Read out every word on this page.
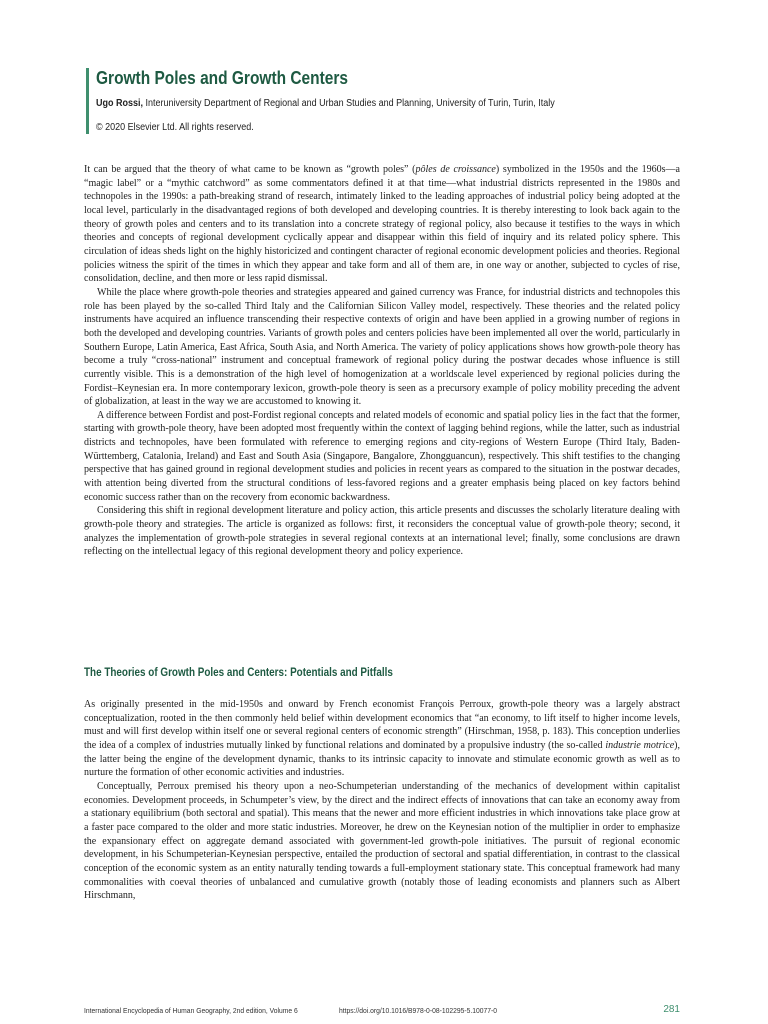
Growth Poles and Growth Centers
Ugo Rossi, Interuniversity Department of Regional and Urban Studies and Planning, University of Turin, Turin, Italy
© 2020 Elsevier Ltd. All rights reserved.

It can be argued that the theory of what came to be known as “growth poles” (pôles de croissance) symbolized in the 1950s and the 1960s—a “magic label” or a “mythic catchword” as some commentators defined it at that time—what industrial districts represented in the 1980s and technopoles in the 1990s: a path-breaking strand of research, intimately linked to the leading approaches of industrial policy being adopted at the local level, particularly in the disadvantaged regions of both developed and developing countries. It is thereby interesting to look back again to the theory of growth poles and centers and to its translation into a concrete strategy of regional policy, also because it testifies to the ways in which theories and concepts of regional development cyclically appear and disappear within this field of inquiry and its related policy sphere. This circulation of ideas sheds light on the highly historicized and contingent character of regional economic development policies and theories. Regional policies witness the spirit of the times in which they appear and take form and all of them are, in one way or another, subjected to cycles of rise, consolidation, decline, and then more or less rapid dismissal.

While the place where growth-pole theories and strategies appeared and gained currency was France, for industrial districts and technopoles this role has been played by the so-called Third Italy and the Californian Silicon Valley model, respectively. These theories and the related policy instruments have acquired an influence transcending their respective contexts of origin and have been applied in a growing number of regions in both the developed and developing countries. Variants of growth poles and centers policies have been implemented all over the world, particularly in Southern Europe, Latin America, East Africa, South Asia, and North America. The variety of policy applications shows how growth-pole theory has become a truly “cross-national” instrument and conceptual framework of regional policy during the postwar decades whose influence is still currently visible. This is a demonstration of the high level of homogenization at a worldscale level experienced by regional policies during the Fordist–Keynesian era. In more contemporary lexicon, growth-pole theory is seen as a precursory example of policy mobility preceding the advent of globalization, at least in the way we are accustomed to knowing it.

A difference between Fordist and post-Fordist regional concepts and related models of economic and spatial policy lies in the fact that the former, starting with growth-pole theory, have been adopted most frequently within the context of lagging behind regions, while the latter, such as industrial districts and technopoles, have been formulated with reference to emerging regions and city-regions of Western Europe (Third Italy, Baden-Württemberg, Catalonia, Ireland) and East and South Asia (Singapore, Bangalore, Zhongguancun), respectively. This shift testifies to the changing perspective that has gained ground in regional development studies and policies in recent years as compared to the situation in the postwar decades, with attention being diverted from the structural conditions of less-favored regions and a greater emphasis being placed on key factors behind economic success rather than on the recovery from economic backwardness.

Considering this shift in regional development literature and policy action, this article presents and discusses the scholarly literature dealing with growth-pole theory and strategies. The article is organized as follows: first, it reconsiders the conceptual value of growth-pole theory; second, it analyzes the implementation of growth-pole strategies in several regional contexts at an international level; finally, some conclusions are drawn reflecting on the intellectual legacy of this regional development theory and policy experience.

The Theories of Growth Poles and Centers: Potentials and Pitfalls

As originally presented in the mid-1950s and onward by French economist François Perroux, growth-pole theory was a largely abstract conceptualization, rooted in the then commonly held belief within development economics that “an economy, to lift itself to higher income levels, must and will first develop within itself one or several regional centers of economic strength” (Hirschman, 1958, p. 183). This conception underlies the idea of a complex of industries mutually linked by functional relations and dominated by a propulsive industry (the so-called industrie motrice), the latter being the engine of the development dynamic, thanks to its intrinsic capacity to innovate and stimulate economic growth as well as to nurture the formation of other economic activities and industries.

Conceptually, Perroux premised his theory upon a neo-Schumpeterian understanding of the mechanics of development within capitalist economies. Development proceeds, in Schumpeter’s view, by the direct and the indirect effects of innovations that can take an economy away from a stationary equilibrium (both sectoral and spatial). This means that the newer and more efficient industries in which innovations take place grow at a faster pace compared to the older and more static industries. Moreover, he drew on the Keynesian notion of the multiplier in order to emphasize the expansionary effect on aggregate demand associated with government-led growth-pole initiatives. The pursuit of regional economic development, in his Schumpeterian-Keynesian perspective, entailed the production of sectoral and spatial differentiation, in contrast to the classical conception of the economic system as an entity naturally tending towards a full-employment stationary state. This conceptual framework had many commonalities with coeval theories of unbalanced and cumulative growth (notably those of leading economists and planners such as Albert Hirschmann,

International Encyclopedia of Human Geography, 2nd edition, Volume 6	https://doi.org/10.1016/B978-0-08-102295-5.10077-0	281
